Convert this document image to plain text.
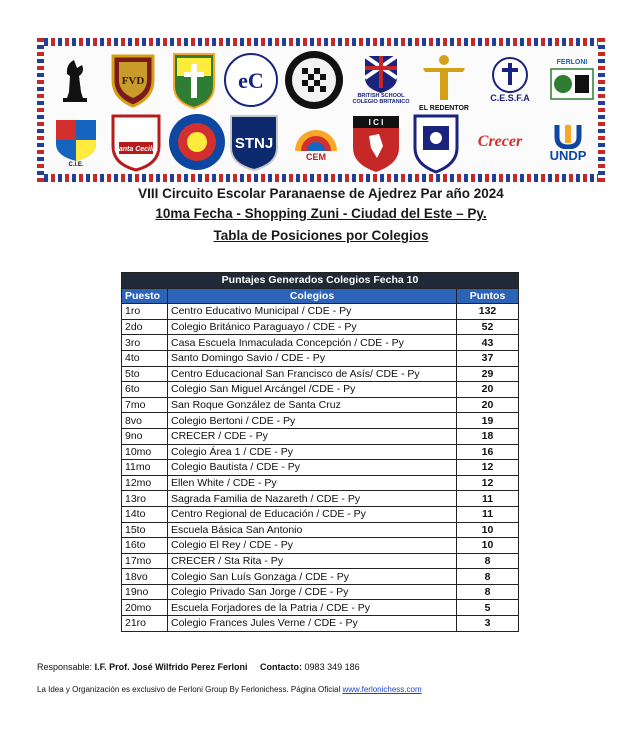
FVD	eC
BRITISH SCHOOL
COLEGIO BRITANICO
EL REDENTOR
C.E.S.F.A
FERLONI
C.I.E.
Santa Cecilia	STNJ
CEM
I C I
Crecer
UNDP
VIII Circuito Escolar Paranaense de Ajedrez Par año 2024
10ma Fecha - Shopping Zuni - Ciudad del Este – Py.
Tabla de Posiciones por Colegios
Puntajes Generados Colegios Fecha 10		
Puesto	Colegios	Puntos
1ro	Centro Educativo Municipal / CDE - Py	132
2do	Colegio Británico Paraguayo / CDE - Py	52
3ro	Casa Escuela Inmaculada Concepción / CDE - Py	43
4to	Santo Domingo Savio / CDE - Py	37
5to	Centro Educacional San Francisco de Asís/ CDE - Py	29
6to	Colegio San Miguel Arcángel /CDE - Py	20
7mo	San Roque González de Santa Cruz	20
8vo	Colegio Bertoni / CDE - Py	19
9no	CRECER / CDE - Py	18
10mo	Colegio Área 1 / CDE - Py	16
11mo	Colegio Bautista / CDE - Py	12
12mo	Ellen White / CDE - Py	12
13ro	Sagrada Familia de Nazareth / CDE - Py	11
14to	Centro Regional de Educación / CDE - Py	11
15to	Escuela Básica San Antonio	10
16to	Colegio El Rey / CDE - Py	10
17mo	CRECER / Sta Rita - Py	8
18vo	Colegio San Luís Gonzaga / CDE - Py	8
19no	Colegio Privado San Jorge / CDE - Py	8
20mo	Escuela Forjadores de la Patria / CDE - Py	5
21ro	Colegio Frances Jules Verne / CDE - Py	3
Responsable: I.F. Prof. José Wilfrido Perez Ferloni Contacto: 0983 349 186
La Idea y Organización es exclusivo de Ferloni Group By Ferlonichess. Página Oficial www.ferlonichess.com
